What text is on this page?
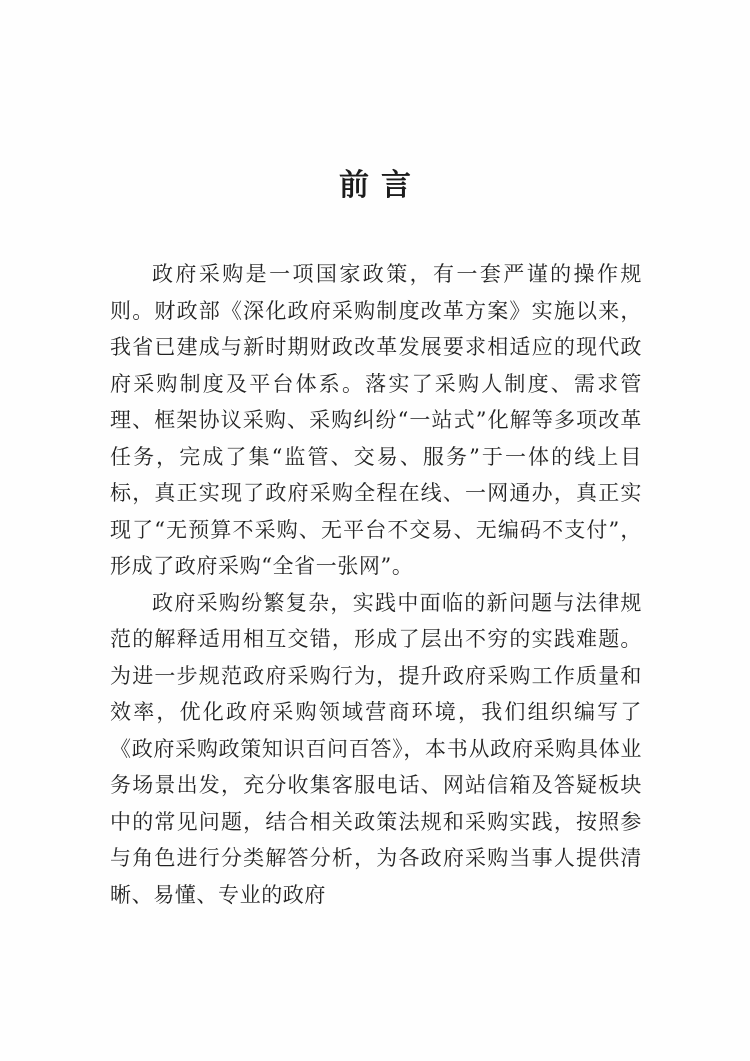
前言

政府采购是一项国家政策，有一套严谨的操作规则。财政部《深化政府采购制度改革方案》实施以来，我省已建成与新时期财政改革发展要求相适应的现代政府采购制度及平台体系。落实了采购人制度、需求管理、框架协议采购、采购纠纷“一站式”化解等多项改革任务，完成了集“监管、交易、服务”于一体的线上目标，真正实现了政府采购全程在线、一网通办，真正实现了“无预算不采购、无平台不交易、无编码不支付”，形成了政府采购“全省一张网”。

政府采购纷繁复杂，实践中面临的新问题与法律规范的解释适用相互交错，形成了层出不穷的实践难题。为进一步规范政府采购行为，提升政府采购工作质量和效率，优化政府采购领域营商环境，我们组织编写了《政府采购政策知识百问百答》，本书从政府采购具体业务场景出发，充分收集客服电话、网站信箱及答疑板块中的常见问题，结合相关政策法规和采购实践，按照参与角色进行分类解答分析，为各政府采购当事人提供清晰、易懂、专业的政府
